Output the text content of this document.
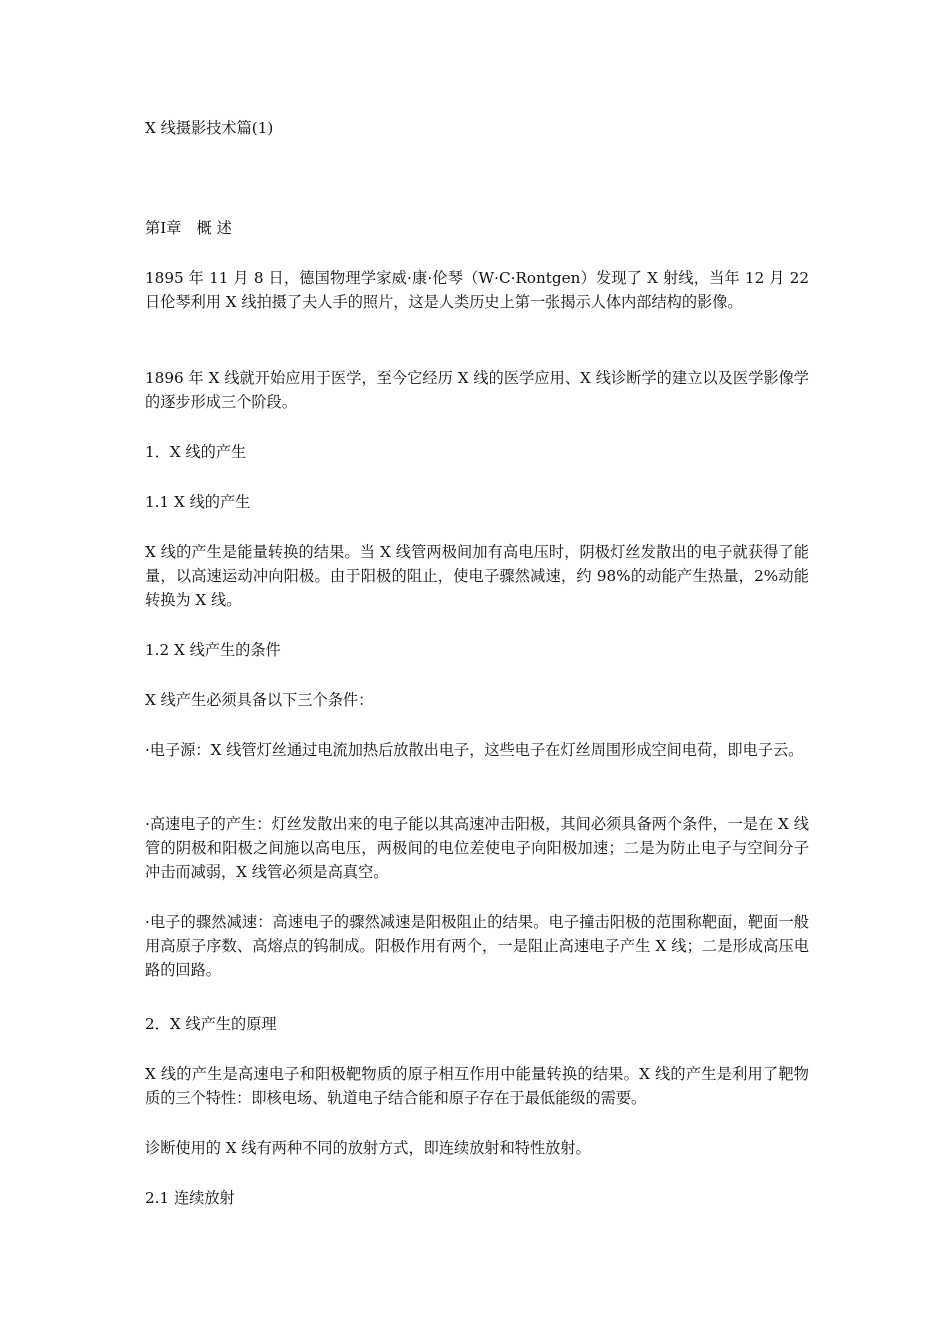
X 线摄影技术篇(1)

第Ⅰ章　概 述

1895 年 11 月 8 日，德国物理学家威·康·伦琴（W·C·Rontgen）发现了 X 射线，当年 12 月 22 日伦琴利用 X 线拍摄了夫人手的照片，这是人类历史上第一张揭示人体内部结构的影像。

1896 年 X 线就开始应用于医学，至今它经历 X 线的医学应用、X 线诊断学的建立以及医学影像学的逐步形成三个阶段。

1．X 线的产生

1.1 X 线的产生

X 线的产生是能量转换的结果。当 X 线管两极间加有高电压时，阴极灯丝发散出的电子就获得了能量，以高速运动冲向阳极。由于阳极的阻止，使电子骤然减速，约 98%的动能产生热量，2%动能转换为 X 线。

1.2 X 线产生的条件

X 线产生必须具备以下三个条件：

·电子源：X 线管灯丝通过电流加热后放散出电子，这些电子在灯丝周围形成空间电荷，即电子云。

·高速电子的产生：灯丝发散出来的电子能以其高速冲击阳极，其间必须具备两个条件，一是在 X 线管的阴极和阳极之间施以高电压，两极间的电位差使电子向阳极加速；二是为防止电子与空间分子冲击而减弱，X 线管必须是高真空。

·电子的骤然减速：高速电子的骤然减速是阳极阻止的结果。电子撞击阳极的范围称靶面，靶面一般用高原子序数、高熔点的钨制成。阳极作用有两个，一是阻止高速电子产生 X 线；二是形成高压电路的回路。

2．X 线产生的原理

X 线的产生是高速电子和阳极靶物质的原子相互作用中能量转换的结果。X 线的产生是利用了靶物质的三个特性：即核电场、轨道电子结合能和原子存在于最低能级的需要。

诊断使用的 X 线有两种不同的放射方式，即连续放射和特性放射。

2.1 连续放射
